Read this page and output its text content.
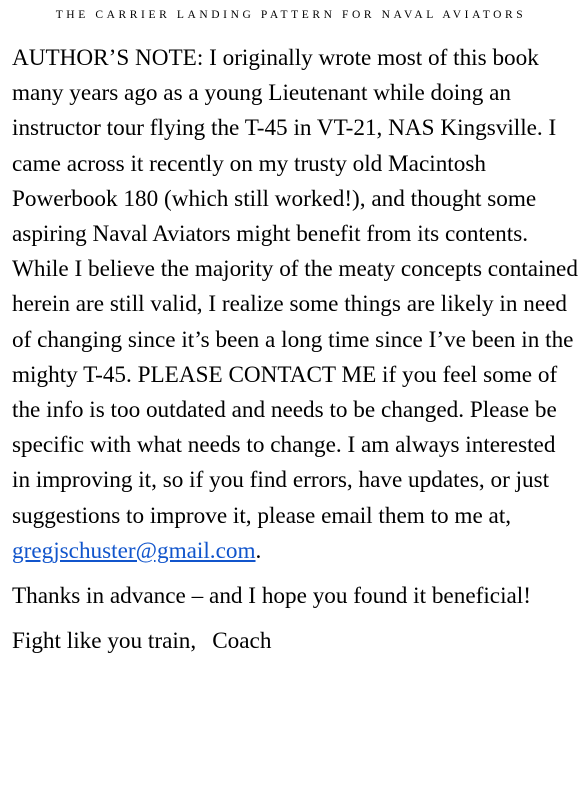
THE CARRIER LANDING PATTERN FOR NAVAL AVIATORS

AUTHOR’S NOTE: I originally wrote most of this book many years ago as a young Lieutenant while doing an instructor tour flying the T-45 in VT-21, NAS Kingsville. I came across it recently on my trusty old Macintosh Powerbook 180 (which still worked!), and thought some aspiring Naval Aviators might benefit from its contents. While I believe the majority of the meaty concepts contained herein are still valid, I realize some things are likely in need of changing since it’s been a long time since I’ve been in the mighty T-45. PLEASE CONTACT ME if you feel some of the info is too outdated and needs to be changed. Please be specific with what needs to change. I am always interested in improving it, so if you find errors, have updates, or just suggestions to improve it, please email them to me at, gregjschuster@gmail.com.

Thanks in advance – and I hope you found it beneficial!

Fight like you train, Coach
